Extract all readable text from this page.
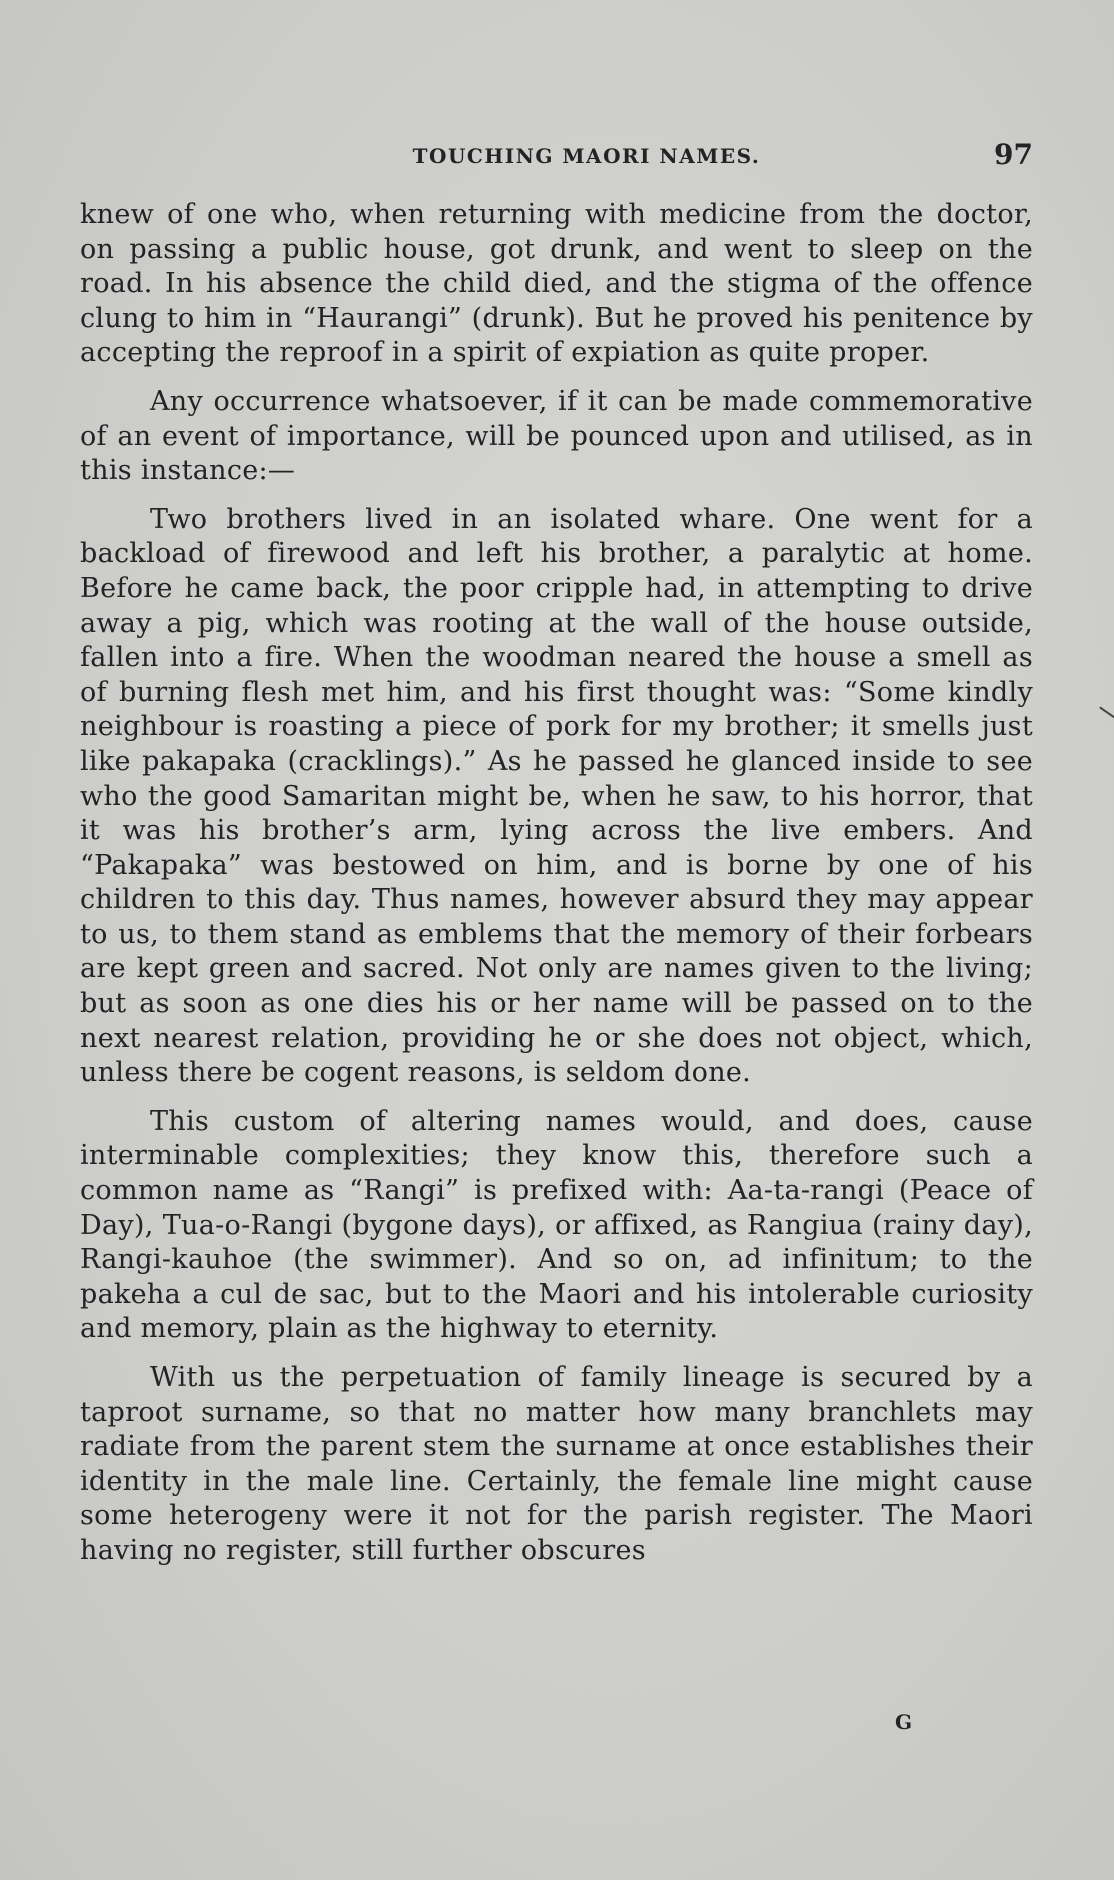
TOUCHING MAORI NAMES.	97

knew of one who, when returning with medicine from the doctor, on passing a public house, got drunk, and went to sleep on the road. In his absence the child died, and the stigma of the offence clung to him in “Haurangi” (drunk). But he proved his penitence by accepting the reproof in a spirit of expiation as quite proper.

Any occurrence whatsoever, if it can be made commemorative of an event of importance, will be pounced upon and utilised, as in this instance:—

Two brothers lived in an isolated whare. One went for a backload of firewood and left his brother, a paralytic at home. Before he came back, the poor cripple had, in attempting to drive away a pig, which was rooting at the wall of the house outside, fallen into a fire. When the woodman neared the house a smell as of burning flesh met him, and his first thought was: “Some kindly neighbour is roasting a piece of pork for my brother; it smells just like pakapaka (cracklings).” As he passed he glanced inside to see who the good Samaritan might be, when he saw, to his horror, that it was his brother’s arm, lying across the live embers. And “Pakapaka” was bestowed on him, and is borne by one of his children to this day. Thus names, however absurd they may appear to us, to them stand as emblems that the memory of their forbears are kept green and sacred. Not only are names given to the living; but as soon as one dies his or her name will be passed on to the next nearest relation, providing he or she does not object, which, unless there be cogent reasons, is seldom done.

This custom of altering names would, and does, cause interminable complexities; they know this, therefore such a common name as “Rangi” is prefixed with: Aa-ta-rangi (Peace of Day), Tua-o-Rangi (bygone days), or affixed, as Rangiua (rainy day), Rangi-kauhoe (the swimmer). And so on, ad infinitum; to the pakeha a cul de sac, but to the Maori and his intolerable curiosity and memory, plain as the highway to eternity.

With us the perpetuation of family lineage is secured by a taproot surname, so that no matter how many branchlets may radiate from the parent stem the surname at once establishes their identity in the male line. Certainly, the female line might cause some heterogeny were it not for the parish register. The Maori having no register, still further obscures

G
